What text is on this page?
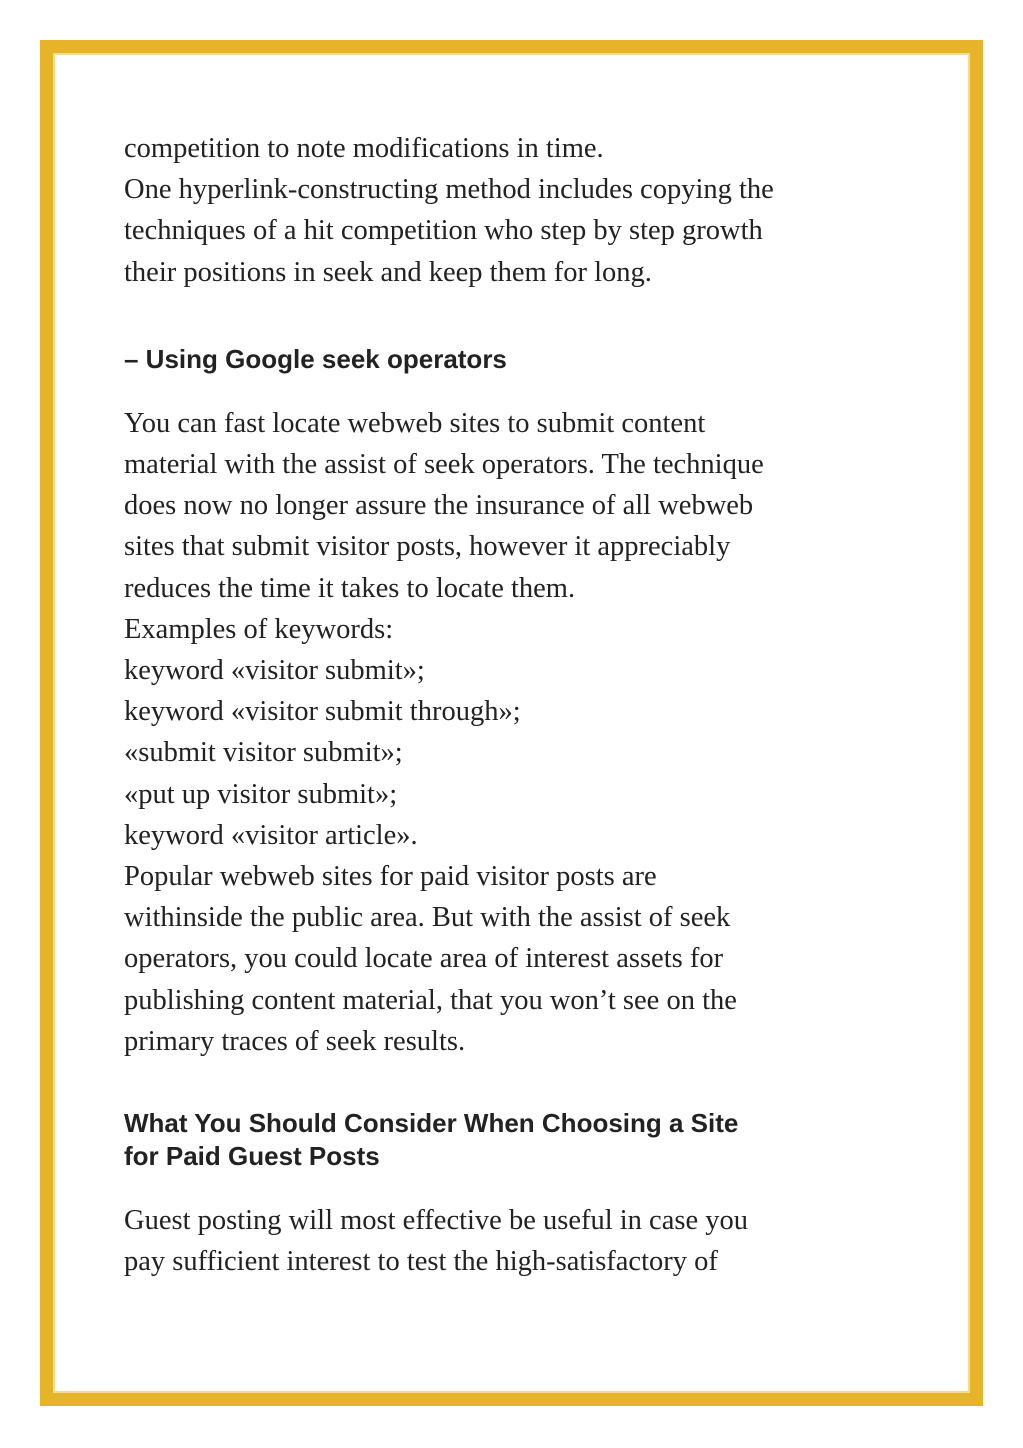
competition to note modifications in time.
One hyperlink-constructing method includes copying the
techniques of a hit competition who step by step growth
their positions in seek and keep them for long.

– Using Google seek operators

You can fast locate webweb sites to submit content
material with the assist of seek operators. The technique
does now no longer assure the insurance of all webweb
sites that submit visitor posts, however it appreciably
reduces the time it takes to locate them.
Examples of keywords:
keyword «visitor submit»;
keyword «visitor submit through»;
«submit visitor submit»;
«put up visitor submit»;
keyword «visitor article».
Popular webweb sites for paid visitor posts are
withinside the public area. But with the assist of seek
operators, you could locate area of interest assets for
publishing content material, that you won’t see on the
primary traces of seek results.

What You Should Consider When Choosing a Site
for Paid Guest Posts

Guest posting will most effective be useful in case you
pay sufficient interest to test the high-satisfactory of
